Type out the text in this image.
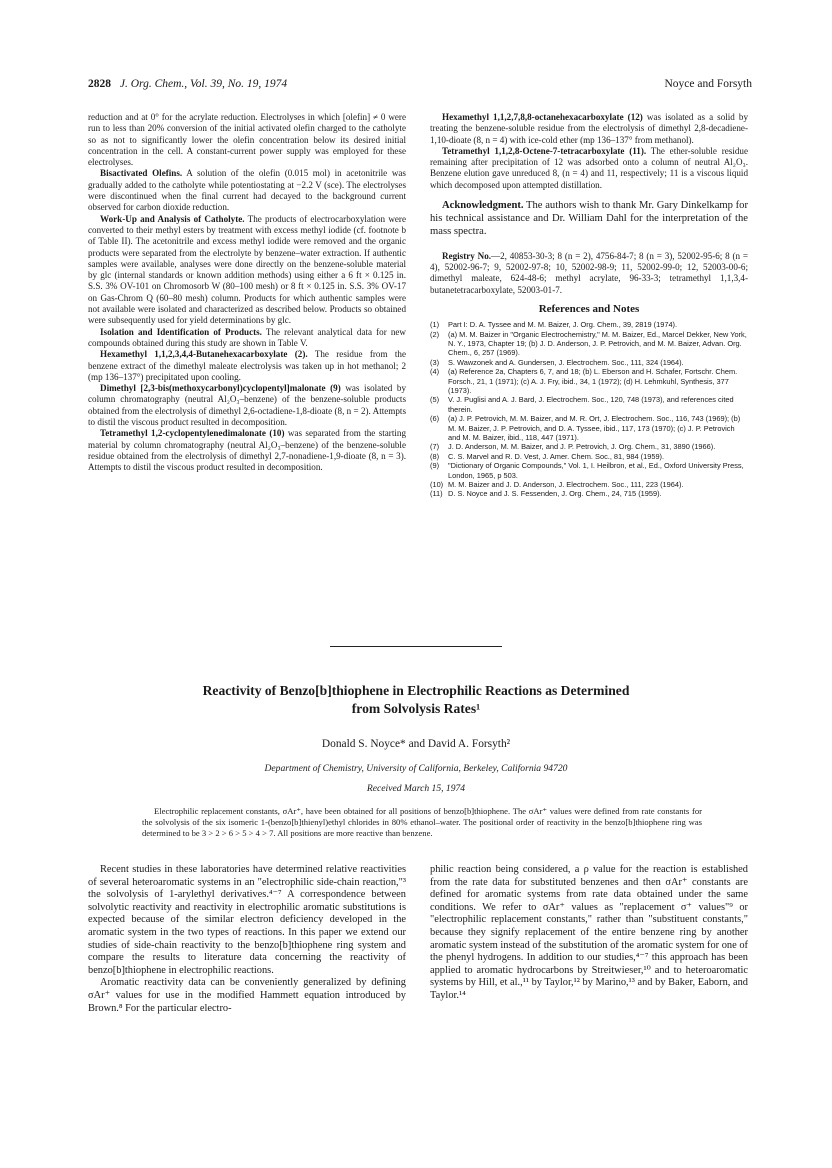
2828 J. Org. Chem., Vol. 39, No. 19, 1974	Noyce and Forsyth

reduction and at 0° for the acrylate reduction. Electrolyses in which [olefin] ≠ 0 were run to less than 20% conversion of the initial activated olefin charged to the catholyte so as not to significantly lower the olefin concentration below its desired initial concentration in the cell. A constant-current power supply was employed for these electrolyses.

Bisactivated Olefins. A solution of the olefin (0.015 mol) in acetonitrile was gradually added to the catholyte while potentiostating at −2.2 V (sce). The electrolyses were discontinued when the final current had decayed to the background current observed for carbon dioxide reduction.

Work-Up and Analysis of Catholyte. The products of electrocarboxylation were converted to their methyl esters by treatment with excess methyl iodide (cf. footnote b of Table II). The acetonitrile and excess methyl iodide were removed and the organic products were separated from the electrolyte by benzene–water extraction. If authentic samples were available, analyses were done directly on the benzene-soluble material by glc (internal standards or known addition methods) using either a 6 ft × 0.125 in. S.S. 3% OV-101 on Chromosorb W (80–100 mesh) or 8 ft × 0.125 in. S.S. 3% OV-17 on Gas-Chrom Q (60–80 mesh) column. Products for which authentic samples were not available were isolated and characterized as described below. Products so obtained were subsequently used for yield determinations by glc.

Isolation and Identification of Products. The relevant analytical data for new compounds obtained during this study are shown in Table V.

Hexamethyl 1,1,2,3,4,4-Butanehexacarboxylate (2). The residue from the benzene extract of the dimethyl maleate electrolysis was taken up in hot methanol; 2 (mp 136–137°) precipitated upon cooling.

Dimethyl [2,3-bis(methoxycarbonyl)cyclopentyl]malonate (9) was isolated by column chromatography (neutral Al₂O₃–benzene) of the benzene-soluble products obtained from the electrolysis of dimethyl 2,6-octadiene-1,8-dioate (8, n = 2). Attempts to distil the viscous product resulted in decomposition.

Tetramethyl 1,2-cyclopentylenedimalonate (10) was separated from the starting material by column chromatography (neutral Al₂O₃–benzene) of the benzene-soluble residue obtained from the electrolysis of dimethyl 2,7-nonadiene-1,9-dioate (8, n = 3). Attempts to distil the viscous product resulted in decomposition.

Hexamethyl 1,1,2,7,8,8-octanehexacarboxylate (12) was isolated as a solid by treating the benzene-soluble residue from the electrolysis of dimethyl 2,8-decadiene-1,10-dioate (8, n = 4) with ice-cold ether (mp 136–137° from methanol).

Tetramethyl 1,1,2,8-Octene-7-tetracarboxylate (11). The ether-soluble residue remaining after precipitation of 12 was adsorbed onto a column of neutral Al₂O₃. Benzene elution gave unreduced 8, (n = 4) and 11, respectively; 11 is a viscous liquid which decomposed upon attempted distillation.

Acknowledgment. The authors wish to thank Mr. Gary Dinkelkamp for his technical assistance and Dr. William Dahl for the interpretation of the mass spectra.

Registry No.—2, 40853-30-3; 8 (n = 2), 4756-84-7; 8 (n = 3), 52002-95-6; 8 (n = 4), 52002-96-7; 9, 52002-97-8; 10, 52002-98-9; 11, 52002-99-0; 12, 52003-00-6; dimethyl maleate, 624-48-6; methyl acrylate, 96-33-3; tetramethyl 1,1,3,4-butanetetracarboxylate, 52003-01-7.

References and Notes
(1) Part I: D. A. Tyssee and M. M. Baizer, J. Org. Chem., 39, 2819 (1974).
(2) (a) M. M. Baizer in "Organic Electrochemistry," M. M. Baizer, Ed., Marcel Dekker, New York, N. Y., 1973, Chapter 19; (b) J. D. Anderson, J. P. Petrovich, and M. M. Baizer, Advan. Org. Chem., 6, 257 (1969).
(3) S. Wawzonek and A. Gundersen, J. Electrochem. Soc., 111, 324 (1964).
(4) (a) Reference 2a, Chapters 6, 7, and 18; (b) L. Eberson and H. Schafer, Fortschr. Chem. Forsch., 21, 1 (1971); (c) A. J. Fry, ibid., 34, 1 (1972); (d) H. Lehmkuhl, Synthesis, 377 (1973).
(5) V. J. Puglisi and A. J. Bard, J. Electrochem. Soc., 120, 748 (1973), and references cited therein.
(6) (a) J. P. Petrovich, M. M. Baizer, and M. R. Ort, J. Electrochem. Soc., 116, 743 (1969); (b) M. M. Baizer, J. P. Petrovich, and D. A. Tyssee, ibid., 117, 173 (1970); (c) J. P. Petrovich and M. M. Baizer, ibid., 118, 447 (1971).
(7) J. D. Anderson, M. M. Baizer, and J. P. Petrovich, J. Org. Chem., 31, 3890 (1966).
(8) C. S. Marvel and R. D. Vest, J. Amer. Chem. Soc., 81, 984 (1959).
(9) "Dictionary of Organic Compounds," Vol. 1, I. Heilbron, et al., Ed., Oxford University Press, London, 1965, p 503.
(10) M. M. Baizer and J. D. Anderson, J. Electrochem. Soc., 111, 223 (1964).
(11) D. S. Noyce and J. S. Fessenden, J. Org. Chem., 24, 715 (1959).
Reactivity of Benzo[b]thiophene in Electrophilic Reactions as Determined
from Solvolysis Rates¹
Donald S. Noyce* and David A. Forsyth²
Department of Chemistry, University of California, Berkeley, California 94720
Received March 15, 1974
Electrophilic replacement constants, σAr⁺, have been obtained for all positions of benzo[b]thiophene. The σAr⁺ values were defined from rate constants for the solvolysis of the six isomeric 1-(benzo[b]thienyl)ethyl chlorides in 80% ethanol–water. The positional order of reactivity in the benzo[b]thiophene ring was determined to be 3 > 2 > 6 > 5 > 4 > 7. All positions are more reactive than benzene.

Recent studies in these laboratories have determined relative reactivities of several heteroaromatic systems in an "electrophilic side-chain reaction,"³ the solvolysis of 1-arylethyl derivatives.⁴⁻⁷ A correspondence between solvolytic reactivity and reactivity in electrophilic aromatic substitutions is expected because of the similar electron deficiency developed in the aromatic system in the two types of reactions. In this paper we extend our studies of side-chain reactivity to the benzo[b]thiophene ring system and compare the results to literature data concerning the reactivity of benzo[b]thiophene in electrophilic reactions.

Aromatic reactivity data can be conveniently generalized by defining σAr⁺ values for use in the modified Hammett equation introduced by Brown.⁸ For the particular electro-

philic reaction being considered, a ρ value for the reaction is established from the rate data for substituted benzenes and then σAr⁺ constants are defined for aromatic systems from rate data obtained under the same conditions. We refer to σAr⁺ values as "replacement σ⁺ values"⁹ or "electrophilic replacement constants," rather than "substituent constants," because they signify replacement of the entire benzene ring by another aromatic system instead of the substitution of the aromatic system for one of the phenyl hydrogens. In addition to our studies,⁴⁻⁷ this approach has been applied to aromatic hydrocarbons by Streitwieser,¹⁰ and to heteroaromatic systems by Hill, et al.,¹¹ by Taylor,¹² by Marino,¹³ and by Baker, Eaborn, and Taylor.¹⁴
